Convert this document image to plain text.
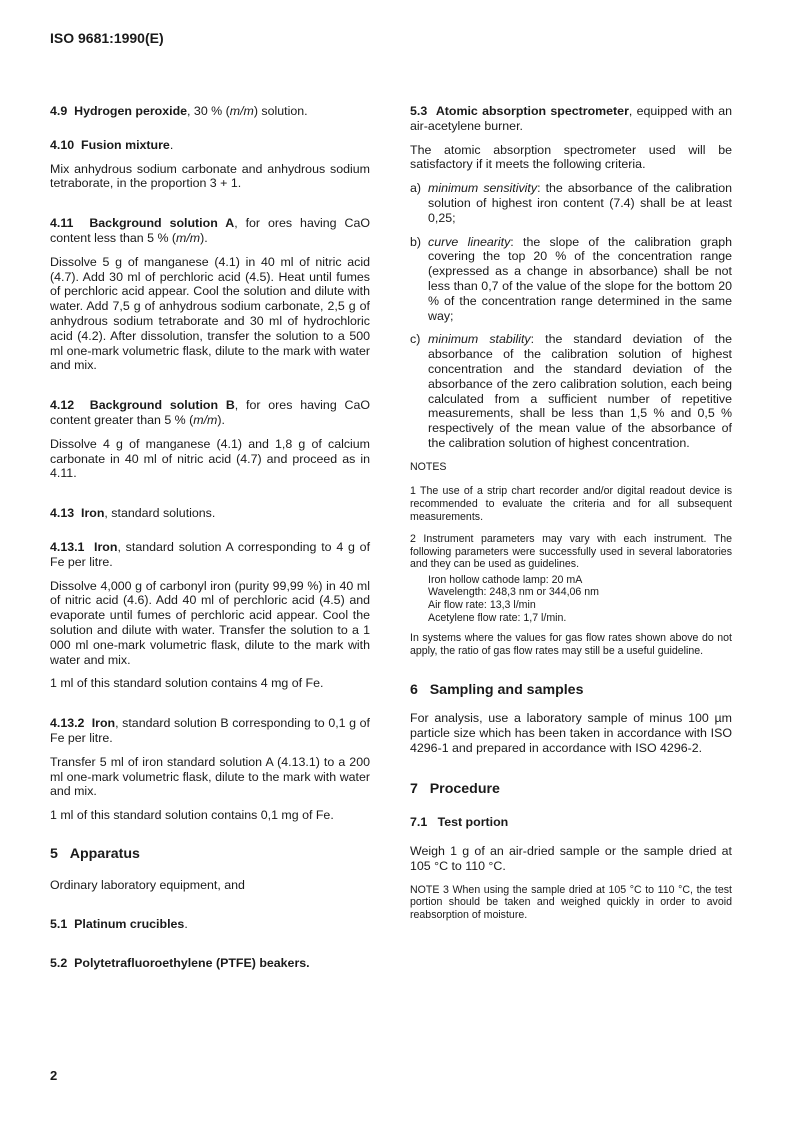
ISO 9681:1990(E)

4.9 Hydrogen peroxide, 30 % (m/m) solution.

4.10 Fusion mixture.

Mix anhydrous sodium carbonate and anhydrous sodium tetraborate, in the proportion 3 + 1.

4.11 Background solution A, for ores having CaO content less than 5 % (m/m).

Dissolve 5 g of manganese (4.1) in 40 ml of nitric acid (4.7). Add 30 ml of perchloric acid (4.5). Heat until fumes of perchloric acid appear. Cool the solution and dilute with water. Add 7,5 g of anhydrous sodium carbonate, 2,5 g of anhydrous sodium tetraborate and 30 ml of hydrochloric acid (4.2). After dissolution, transfer the solution to a 500 ml one-mark volumetric flask, dilute to the mark with water and mix.

4.12 Background solution B, for ores having CaO content greater than 5 % (m/m).

Dissolve 4 g of manganese (4.1) and 1,8 g of calcium carbonate in 40 ml of nitric acid (4.7) and proceed as in 4.11.

4.13 Iron, standard solutions.

4.13.1 Iron, standard solution A corresponding to 4 g of Fe per litre.

Dissolve 4,000 g of carbonyl iron (purity 99,99 %) in 40 ml of nitric acid (4.6). Add 40 ml of perchloric acid (4.5) and evaporate until fumes of perchloric acid appear. Cool the solution and dilute with water. Transfer the solution to a 1 000 ml one-mark volumetric flask, dilute to the mark with water and mix.

1 ml of this standard solution contains 4 mg of Fe.

4.13.2 Iron, standard solution B corresponding to 0,1 g of Fe per litre.

Transfer 5 ml of iron standard solution A (4.13.1) to a 200 ml one-mark volumetric flask, dilute to the mark with water and mix.

1 ml of this standard solution contains 0,1 mg of Fe.

5 Apparatus

Ordinary laboratory equipment, and

5.1 Platinum crucibles.

5.2 Polytetrafluoroethylene (PTFE) beakers.

5.3 Atomic absorption spectrometer, equipped with an air-acetylene burner.

The atomic absorption spectrometer used will be satisfactory if it meets the following criteria.

a) minimum sensitivity: the absorbance of the calibration solution of highest iron content (7.4) shall be at least 0,25;

b) curve linearity: the slope of the calibration graph covering the top 20 % of the concentration range (expressed as a change in absorbance) shall be not less than 0,7 of the value of the slope for the bottom 20 % of the concentration range determined in the same way;

c) minimum stability: the standard deviation of the absorbance of the calibration solution of highest concentration and the standard deviation of the absorbance of the zero calibration solution, each being calculated from a sufficient number of repetitive measurements, shall be less than 1,5 % and 0,5 % respectively of the mean value of the absorbance of the calibration solution of highest concentration.

NOTES

1 The use of a strip chart recorder and/or digital readout device is recommended to evaluate the criteria and for all subsequent measurements.

2 Instrument parameters may vary with each instrument. The following parameters were successfully used in several laboratories and they can be used as guidelines.

Iron hollow cathode lamp: 20 mA
Wavelength: 248,3 nm or 344,06 nm
Air flow rate: 13,3 l/min
Acetylene flow rate: 1,7 l/min.

In systems where the values for gas flow rates shown above do not apply, the ratio of gas flow rates may still be a useful guideline.

6 Sampling and samples

For analysis, use a laboratory sample of minus 100 µm particle size which has been taken in accordance with ISO 4296-1 and prepared in accordance with ISO 4296-2.

7 Procedure

7.1 Test portion

Weigh 1 g of an air-dried sample or the sample dried at 105 °C to 110 °C.

NOTE 3 When using the sample dried at 105 °C to 110 °C, the test portion should be taken and weighed quickly in order to avoid reabsorption of moisture.

2
